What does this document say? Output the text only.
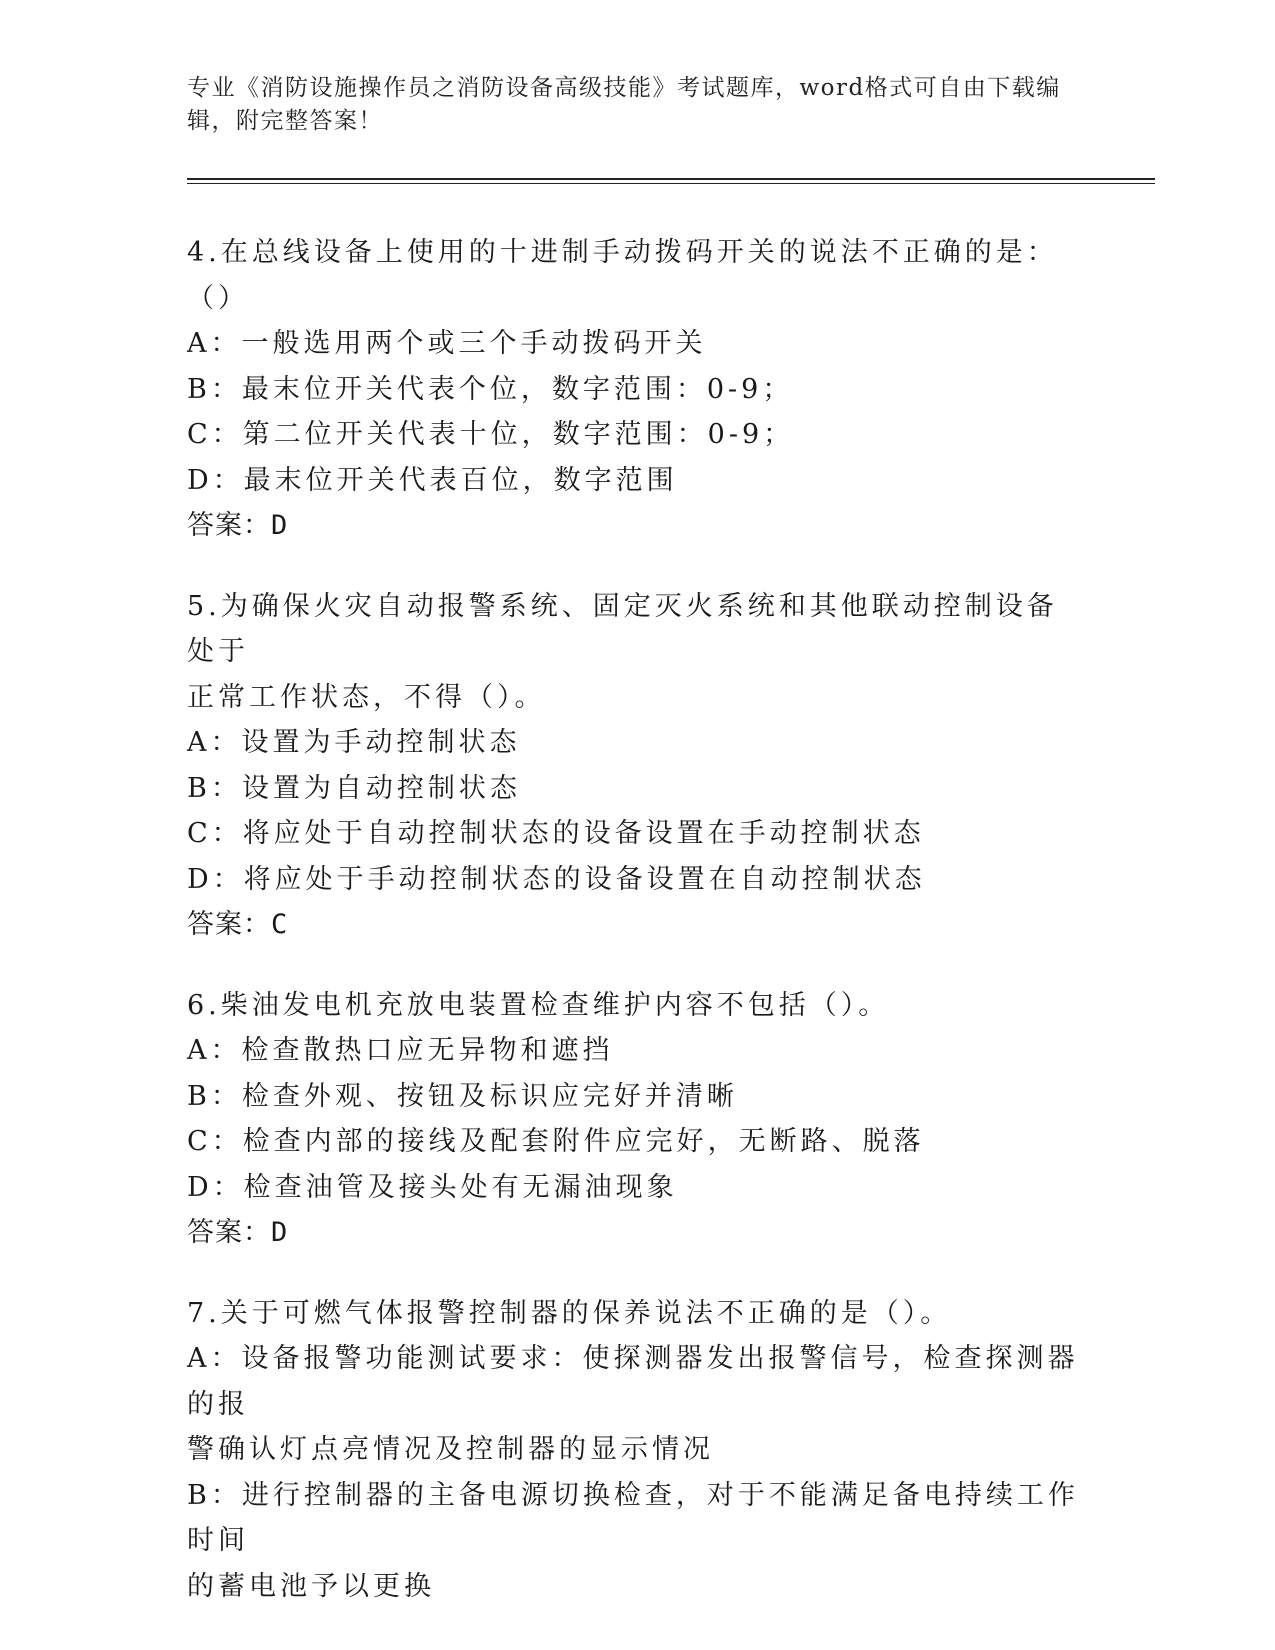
专业《消防设施操作员之消防设备高级技能》考试题库，word格式可自由下载编
辑，附完整答案！

4.在总线设备上使用的十进制手动拨码开关的说法不正确的是：（）

A：一般选用两个或三个手动拨码开关

B：最末位开关代表个位，数字范围：0-9；

C：第二位开关代表十位，数字范围：0-9；

D：最末位开关代表百位，数字范围

答案：D

5.为确保火灾自动报警系统、固定灭火系统和其他联动控制设备处于

正常工作状态，不得（）。

A：设置为手动控制状态

B：设置为自动控制状态

C：将应处于自动控制状态的设备设置在手动控制状态

D：将应处于手动控制状态的设备设置在自动控制状态

答案：C

6.柴油发电机充放电装置检查维护内容不包括（）。

A：检查散热口应无异物和遮挡

B：检查外观、按钮及标识应完好并清晰

C：检查内部的接线及配套附件应完好，无断路、脱落

D：检查油管及接头处有无漏油现象

答案：D

7.关于可燃气体报警控制器的保养说法不正确的是（）。

A：设备报警功能测试要求：使探测器发出报警信号，检查探测器的报

警确认灯点亮情况及控制器的显示情况

B：进行控制器的主备电源切换检查，对于不能满足备电持续工作时间

的蓄电池予以更换
